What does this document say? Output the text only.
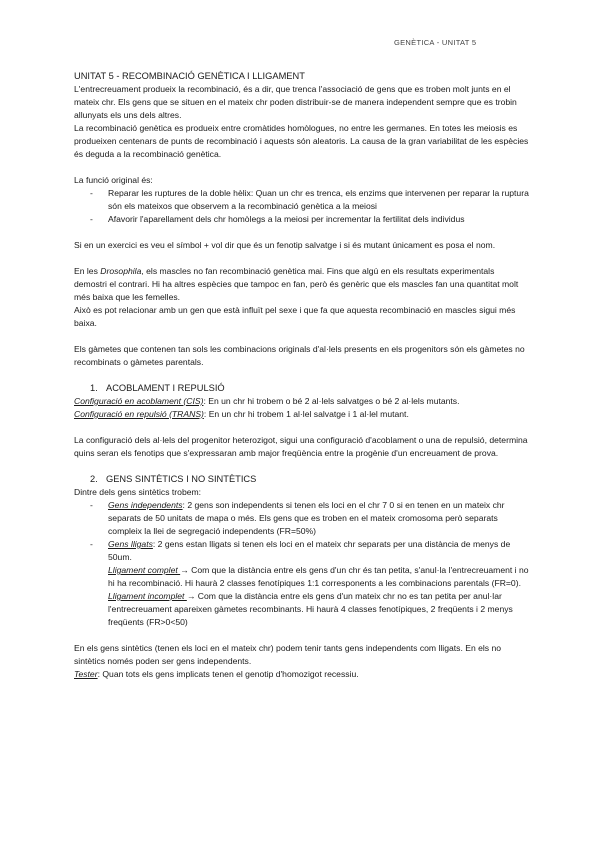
GENÈTICA - UNITAT 5

UNITAT 5 - RECOMBINACIÓ GENÈTICA I LLIGAMENT

L'entrecreuament produeix la recombinació, és a dir, que trenca l'associació de gens que es troben molt junts en el mateix chr. Els gens que se situen en el mateix chr poden distribuir-se de manera independent sempre que es trobin allunyats els uns dels altres.

La recombinació genètica es produeix entre cromàtides homòlogues, no entre les germanes. En totes les meiosis es produeixen centenars de punts de recombinació i aquests són aleatoris. La causa de la gran variabilitat de les espècies és deguda a la recombinació genètica.

La funció original és:

- Reparar les ruptures de la doble hèlix: Quan un chr es trenca, els enzims que intervenen per reparar la ruptura són els mateixos que observem a la recombinació genètica a la meiosi
- Afavorir l'aparellament dels chr homòlegs a la meiosi per incrementar la fertilitat dels individus

Si en un exercici es veu el símbol + vol dir que és un fenotip salvatge i si és mutant únicament es posa el nom.

En les Drosophila, els mascles no fan recombinació genètica mai. Fins que algú en els resultats experimentals demostri el contrari. Hi ha altres espècies que tampoc en fan, però és genèric que els mascles fan una quantitat molt més baixa que les femelles.

Això es pot relacionar amb un gen que està influït pel sexe i que fa que aquesta recombinació en mascles sigui més baixa.

Els gàmetes que contenen tan sols les combinacions originals d'al·lels presents en els progenitors són els gàmetes no recombinats o gàmetes parentals.

1. ACOBLAMENT I REPULSIÓ

Configuració en acoblament (CIS): En un chr hi trobem o bé 2 al·lels salvatges o bé 2 al·lels mutants.

Configuració en repulsió (TRANS): En un chr hi trobem 1 al·lel salvatge i 1 al·lel mutant.

La configuració dels al·lels del progenitor heterozigot, sigui una configuració d'acoblament o una de repulsió, determina quins seran els fenotips que s'expressaran amb major freqüència entre la progènie d'un encreuament de prova.

2. GENS SINTÈTICS I NO SINTÈTICS

Dintre dels gens sintètics trobem:

- Gens independents: 2 gens son independents si tenen els loci en el chr 7 0 si en tenen en un mateix chr separats de 50 unitats de mapa o més. Els gens que es troben en el mateix cromosoma però separats compleix la llei de segregació independents (FR=50%)
- Gens lligats: 2 gens estan lligats si tenen els loci en el mateix chr separats per una distància de menys de 50um.

Lligament complet → Com que la distància entre els gens d'un chr és tan petita, s'anul·la l'entrecreuament i no hi ha recombinació. Hi haurà 2 classes fenotípiques 1:1 corresponents a les combinacions parentals (FR=0).

Lligament incomplet → Com que la distància entre els gens d'un mateix chr no es tan petita per anul·lar l'entrecreuament apareixen gàmetes recombinants. Hi haurà 4 classes fenotípiques, 2 freqüents i 2 menys freqüents (FR>0<50)

En els gens sintètics (tenen els loci en el mateix chr) podem tenir tants gens independents com lligats. En els no sintètics només poden ser gens independents.

Tester: Quan tots els gens implicats tenen el genotip d'homozigot recessiu.
